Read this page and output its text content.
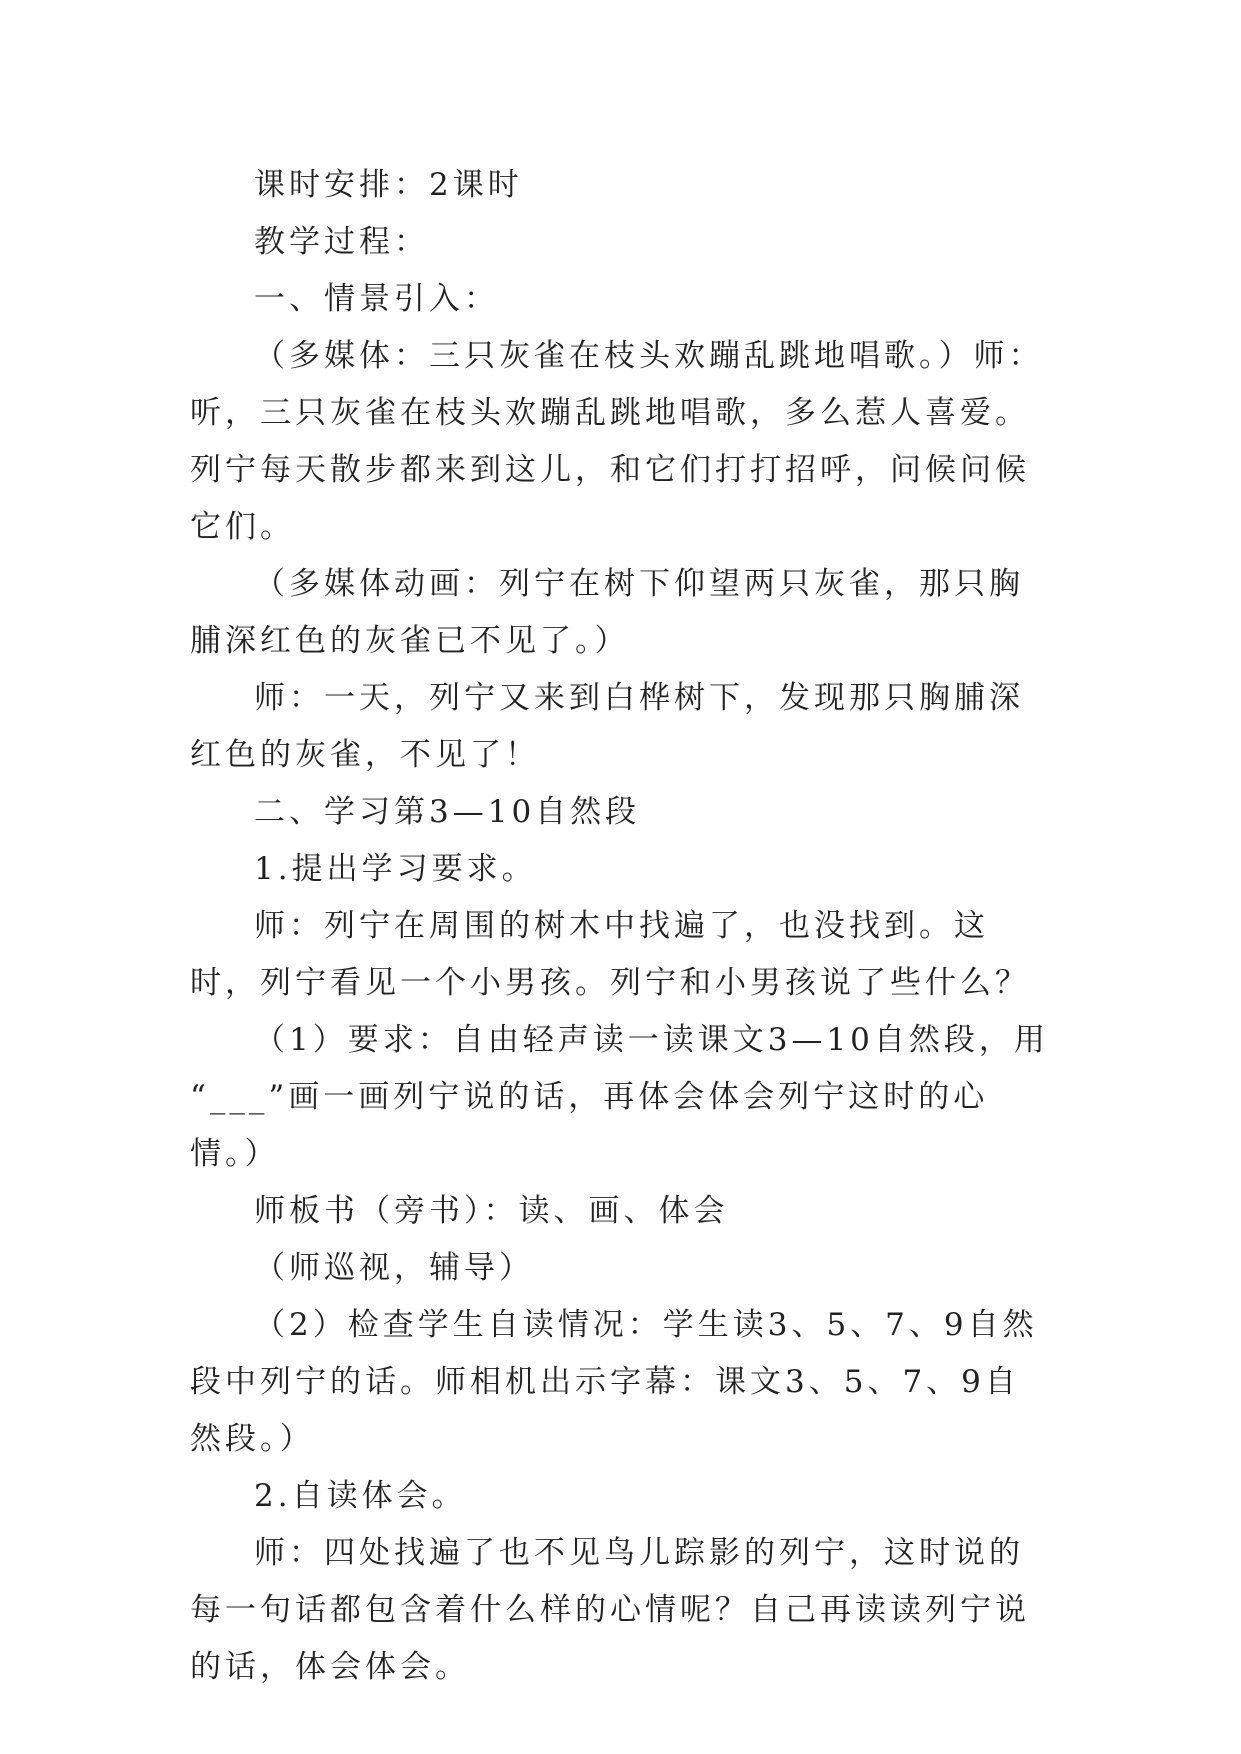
课时安排：2课时

教学过程：

一、情景引入：

（多媒体：三只灰雀在枝头欢蹦乱跳地唱歌。）师：听，三只灰雀在枝头欢蹦乱跳地唱歌，多么惹人喜爱。列宁每天散步都来到这儿，和它们打打招呼，问候问候它们。

（多媒体动画：列宁在树下仰望两只灰雀，那只胸脯深红色的灰雀已不见了。）

师：一天，列宁又来到白桦树下，发现那只胸脯深红色的灰雀，不见了！

二、学习第3—10自然段

1.提出学习要求。

师：列宁在周围的树木中找遍了，也没找到。这时，列宁看见一个小男孩。列宁和小男孩说了些什么？

（1）要求：自由轻声读一读课文3—10自然段，用

“___”画一画列宁说的话，再体会体会列宁这时的心情。）

师板书（旁书）：读、画、体会

（师巡视，辅导）

（2）检查学生自读情况：学生读3、5、7、9自然段中列宁的话。师相机出示字幕：课文3、5、7、9自然段。）

2.自读体会。

师：四处找遍了也不见鸟儿踪影的列宁，这时说的每一句话都包含着什么样的心情呢？自己再读读列宁说的话，体会体会。
